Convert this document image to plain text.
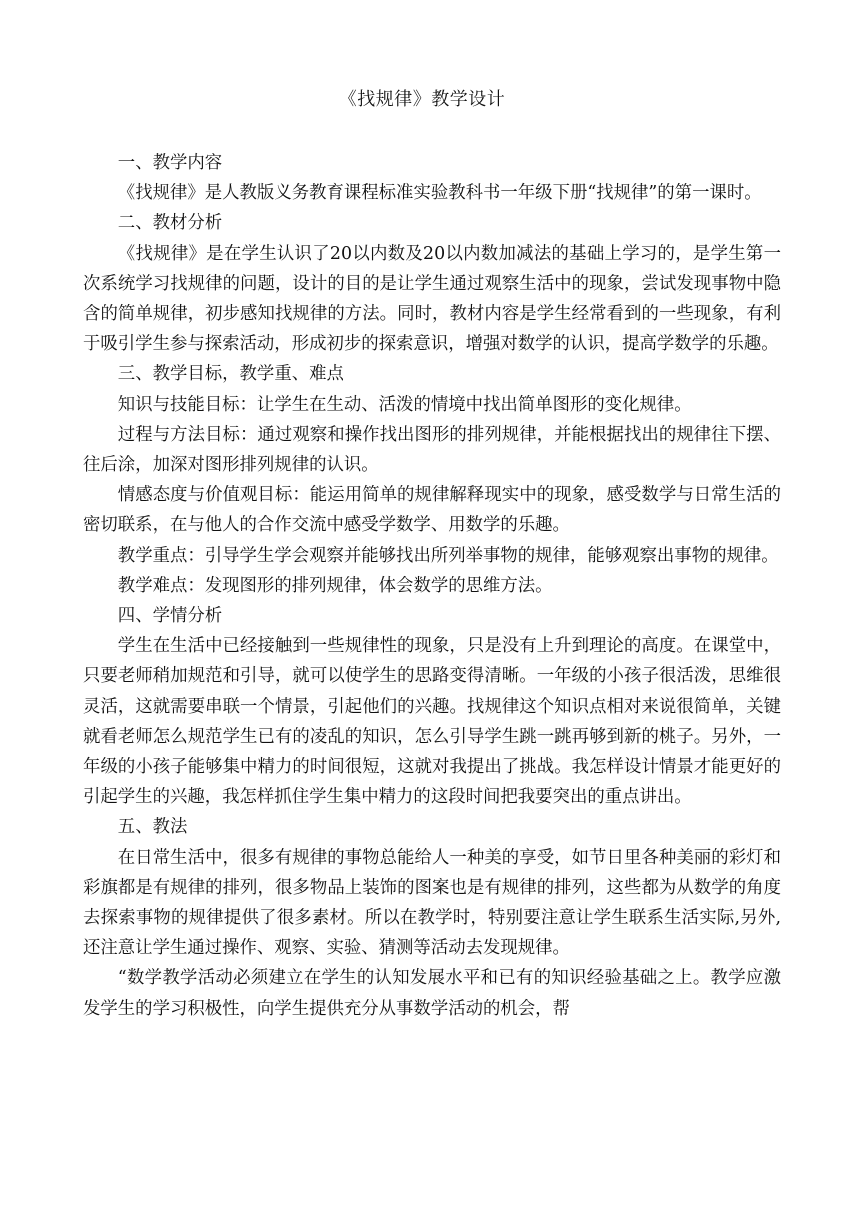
《找规律》教学设计
一、教学内容

《找规律》是人教版义务教育课程标准实验教科书一年级下册“找规律”的第一课时。

二、教材分析

《找规律》是在学生认识了20以内数及20以内数加减法的基础上学习的，是学生第一次系统学习找规律的问题，设计的目的是让学生通过观察生活中的现象，尝试发现事物中隐含的简单规律，初步感知找规律的方法。同时，教材内容是学生经常看到的一些现象，有利于吸引学生参与探索活动，形成初步的探索意识，增强对数学的认识，提高学数学的乐趣。

三、教学目标，教学重、难点

知识与技能目标：让学生在生动、活泼的情境中找出简单图形的变化规律。

过程与方法目标：通过观察和操作找出图形的排列规律，并能根据找出的规律往下摆、往后涂，加深对图形排列规律的认识。

情感态度与价值观目标：能运用简单的规律解释现实中的现象，感受数学与日常生活的密切联系，在与他人的合作交流中感受学数学、用数学的乐趣。

教学重点：引导学生学会观察并能够找出所列举事物的规律，能够观察出事物的规律。

教学难点：发现图形的排列规律，体会数学的思维方法。

四、学情分析

学生在生活中已经接触到一些规律性的现象，只是没有上升到理论的高度。在课堂中，只要老师稍加规范和引导，就可以使学生的思路变得清晰。一年级的小孩子很活泼，思维很灵活，这就需要串联一个情景，引起他们的兴趣。找规律这个知识点相对来说很简单，关键就看老师怎么规范学生已有的凌乱的知识，怎么引导学生跳一跳再够到新的桃子。另外，一年级的小孩子能够集中精力的时间很短，这就对我提出了挑战。我怎样设计情景才能更好的引起学生的兴趣，我怎样抓住学生集中精力的这段时间把我要突出的重点讲出。

五、教法

在日常生活中，很多有规律的事物总能给人一种美的享受，如节日里各种美丽的彩灯和彩旗都是有规律的排列，很多物品上装饰的图案也是有规律的排列，这些都为从数学的角度去探索事物的规律提供了很多素材。所以在教学时，特别要注意让学生联系生活实际,另外,还注意让学生通过操作、观察、实验、猜测等活动去发现规律。

“数学教学活动必须建立在学生的认知发展水平和已有的知识经验基础之上。教学应激发学生的学习积极性，向学生提供充分从事数学活动的机会，帮
